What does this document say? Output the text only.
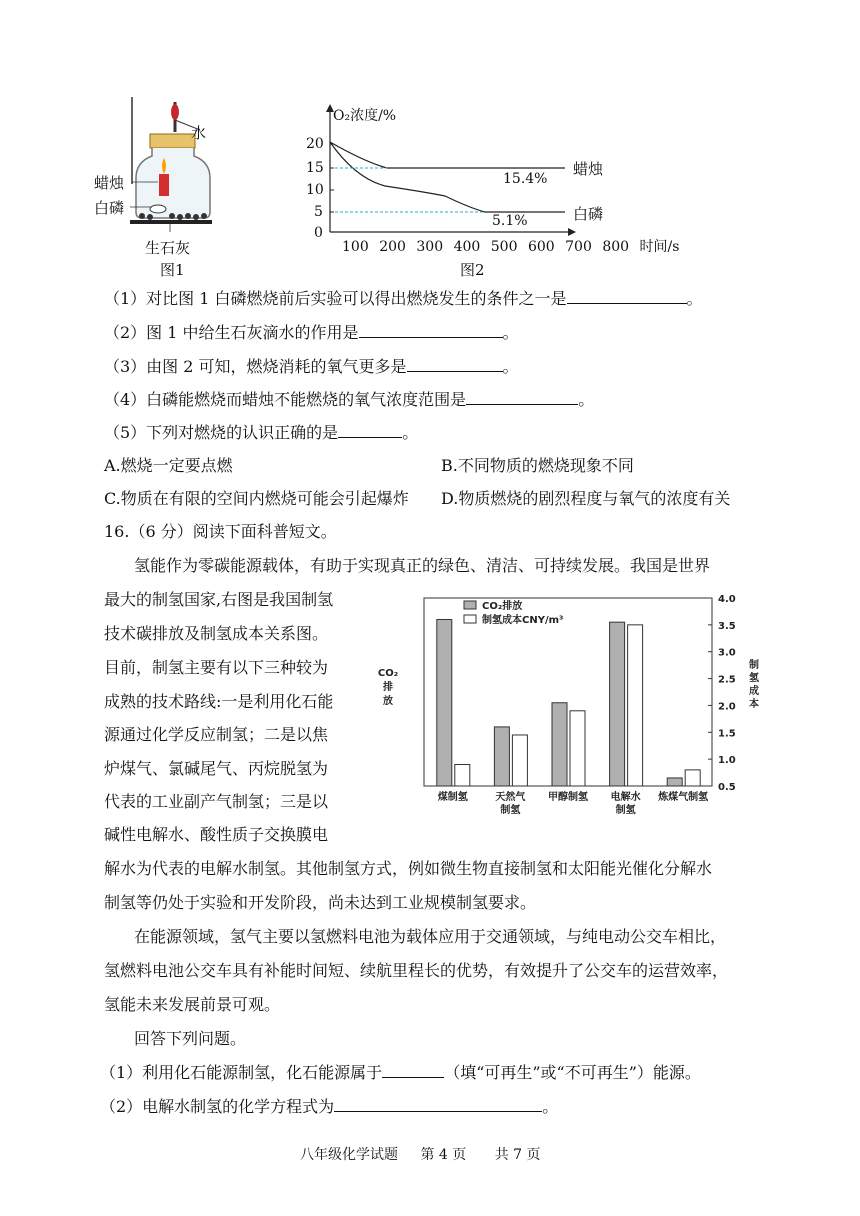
水
蜡烛
白磷
生石灰
图1
O₂浓度/%
20
15
10
5
0
100 200 300 400 500 600 700 800 时间/s
蜡烛
白磷
15.4%
5.1%
图2
（1）对比图 1 白磷燃烧前后实验可以得出燃烧发生的条件之一是	。
（2）图 1 中给生石灰滴水的作用是	。
（3）由图 2 可知，燃烧消耗的氧气更多是	。
（4）白磷能燃烧而蜡烛不能燃烧的氧气浓度范围是	。
（5）下列对燃烧的认识正确的是	。
A.燃烧一定要点燃	B.不同物质的燃烧现象不同
C.物质在有限的空间内燃烧可能会引起爆炸 D.物质燃烧的剧烈程度与氧气的浓度有关
16.（6 分）阅读下面科普短文。
氢能作为零碳能源载体，有助于实现真正的绿色、清洁、可持续发展。我国是世界
最大的制氢国家,右图是我国制氢
技术碳排放及制氢成本关系图。
目前，制氢主要有以下三种较为
成熟的技术路线:一是利用化石能
源通过化学反应制氢；二是以焦
炉煤气、氯碱尾气、丙烷脱氢为
代表的工业副产气制氢；三是以
碱性电解水、酸性质子交换膜电
解水为代表的电解水制氢。其他制氢方式，例如微生物直接制氢和太阳能光催化分解水
制氢等仍处于实验和开发阶段，尚未达到工业规模制氢要求。
在能源领域，氢气主要以氢燃料电池为载体应用于交通领域，与纯电动公交车相比，
氢燃料电池公交车具有补能时间短、续航里程长的优势，有效提升了公交车的运营效率，
氢能未来发展前景可观。
回答下列问题。
（1）利用化石能源制氢，化石能源属于	（填“可再生”或“不可再生”）能源。
（2）电解水制氢的化学方程式为	。
4.0
3.5
3.0
2.5
2.0
1.5
1.0
0.5
煤制氢	天然气
制氢
甲醇制氢 电解水
制氢
炼煤气制氢
CO₂排放
制氢成本CNY/m³
CO₂
排
放
制
氢
成
本
八年级化学试题 第 4 页 共 7 页
